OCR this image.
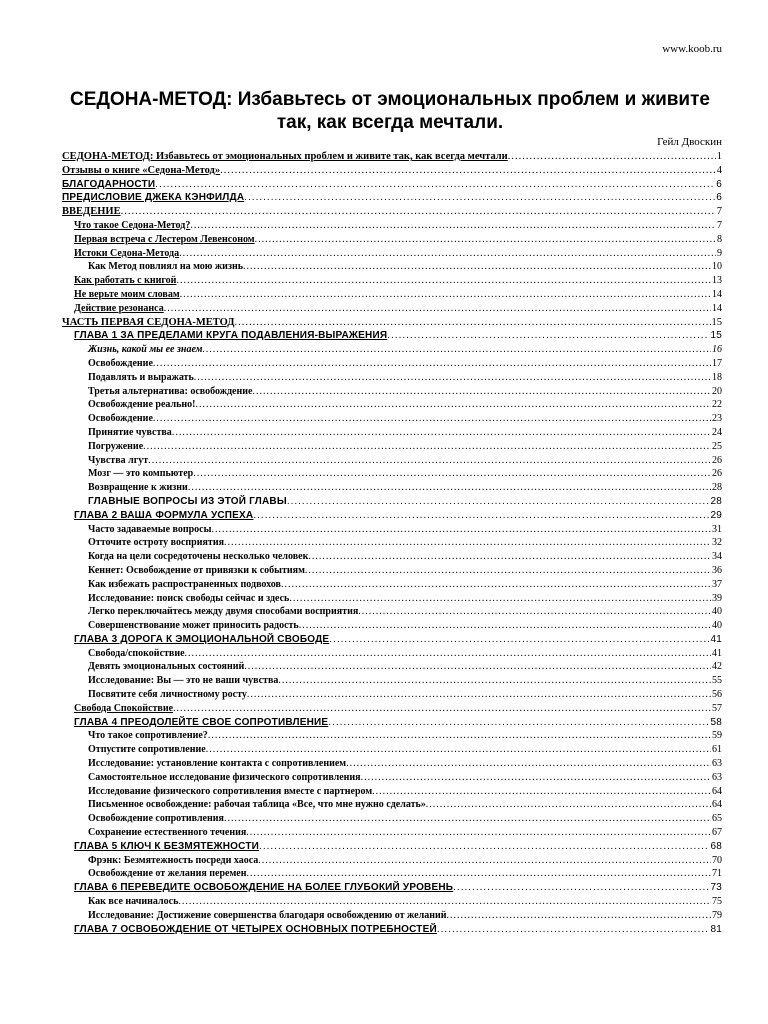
www.koob.ru
СЕДОНА-МЕТОД: Избавьтесь от эмоциональных проблем и живите так, как всегда мечтали.
Гейл Двоскин
СЕДОНА-МЕТОД: Избавьтесь от эмоциональных проблем и живите так, как всегда мечтали .....	1
Отзывы о книге «Седона-Метод» .....	4
БЛАГОДАРНОСТИ .....	6
ПРЕДИСЛОВИЕ ДЖЕКА КЭНФИЛДА .....	6
ВВЕДЕНИЕ .....	7
Что такое Седона-Метод? .....	7
Первая встреча с Лестером Левенсоном .....	8
Истоки Седона-Метода .....	9
Как Метод повлиял на мою жизнь .....	10
Как работать с книгой .....	13
Не верьте моим словам .....	14
Действие резонанса .....	14
ЧАСТЬ ПЕРВАЯ СЕДОНА-МЕТОД .....	15
ГЛАВА 1 ЗА ПРЕДЕЛАМИ КРУГА ПОДАВЛЕНИЯ-ВЫРАЖЕНИЯ .....	15
Жизнь, какой мы ее знаем .....	16
Освобождение .....	17
Подавлять и выражать .....	18
Третья альтернатива: освобождение .....	20
Освобождение реально! .....	22
Освобождение .....	23
Принятие чувства .....	24
Погружение .....	25
Чувства лгут .....	26
Мозг — это компьютер .....	26
Возвращение к жизни .....	28
ГЛАВНЫЕ ВОПРОСЫ ИЗ ЭТОЙ ГЛАВЫ .....	28
ГЛАВА 2 ВАША ФОРМУЛА УСПЕХА .....	29
Часто задаваемые вопросы .....	31
Отточите остроту восприятия .....	32
Когда на цели сосредоточены несколько человек .....	34
Кеннет: Освобождение от привязки к событиям .....	36
Как избежать распространенных подвохов .....	37
Исследование: поиск свободы сейчас и здесь .....	39
Легко переключайтесь между двумя способами восприятия .....	40
Совершенствование может приносить радость .....	40
ГЛАВА 3 ДОРОГА К ЭМОЦИОНАЛЬНОЙ СВОБОДЕ .....	41
Свобода/спокойствие .....	41
Девять эмоциональных состояний .....	42
Исследование: Вы — это не ваши чувства .....	55
Посвятите себя личностному росту .....	56
Свобода Спокойствие .....	57
ГЛАВА 4 ПРЕОДОЛЕЙТЕ СВОЕ СОПРОТИВЛЕНИЕ .....	58
Что такое сопротивление? .....	59
Отпустите сопротивление .....	61
Исследование: установление контакта с сопротивлением .....	63
Самостоятельное исследование физического сопротивления .....	63
Исследование физического сопротивления вместе с партнером .....	64
Письменное освобождение: рабочая таблица «Все, что мне нужно сделать» .....	64
Освобождение сопротивления .....	65
Сохранение естественного течения .....	67
ГЛАВА 5 КЛЮЧ К БЕЗМЯТЕЖНОСТИ .....	68
Фрэнк: Безмятежность посреди хаоса .....	70
Освобождение от желания перемен .....	71
ГЛАВА 6 ПЕРЕВЕДИТЕ ОСВОБОЖДЕНИЕ НА БОЛЕЕ ГЛУБОКИЙ УРОВЕНЬ .....	73
Как все начиналось .....	75
Исследование: Достижение совершенства благодаря освобождению от желаний .....	79
ГЛАВА 7 ОСВОБОЖДЕНИЕ ОТ ЧЕТЫРЕХ ОСНОВНЫХ ПОТРЕБНОСТЕЙ .....	81
